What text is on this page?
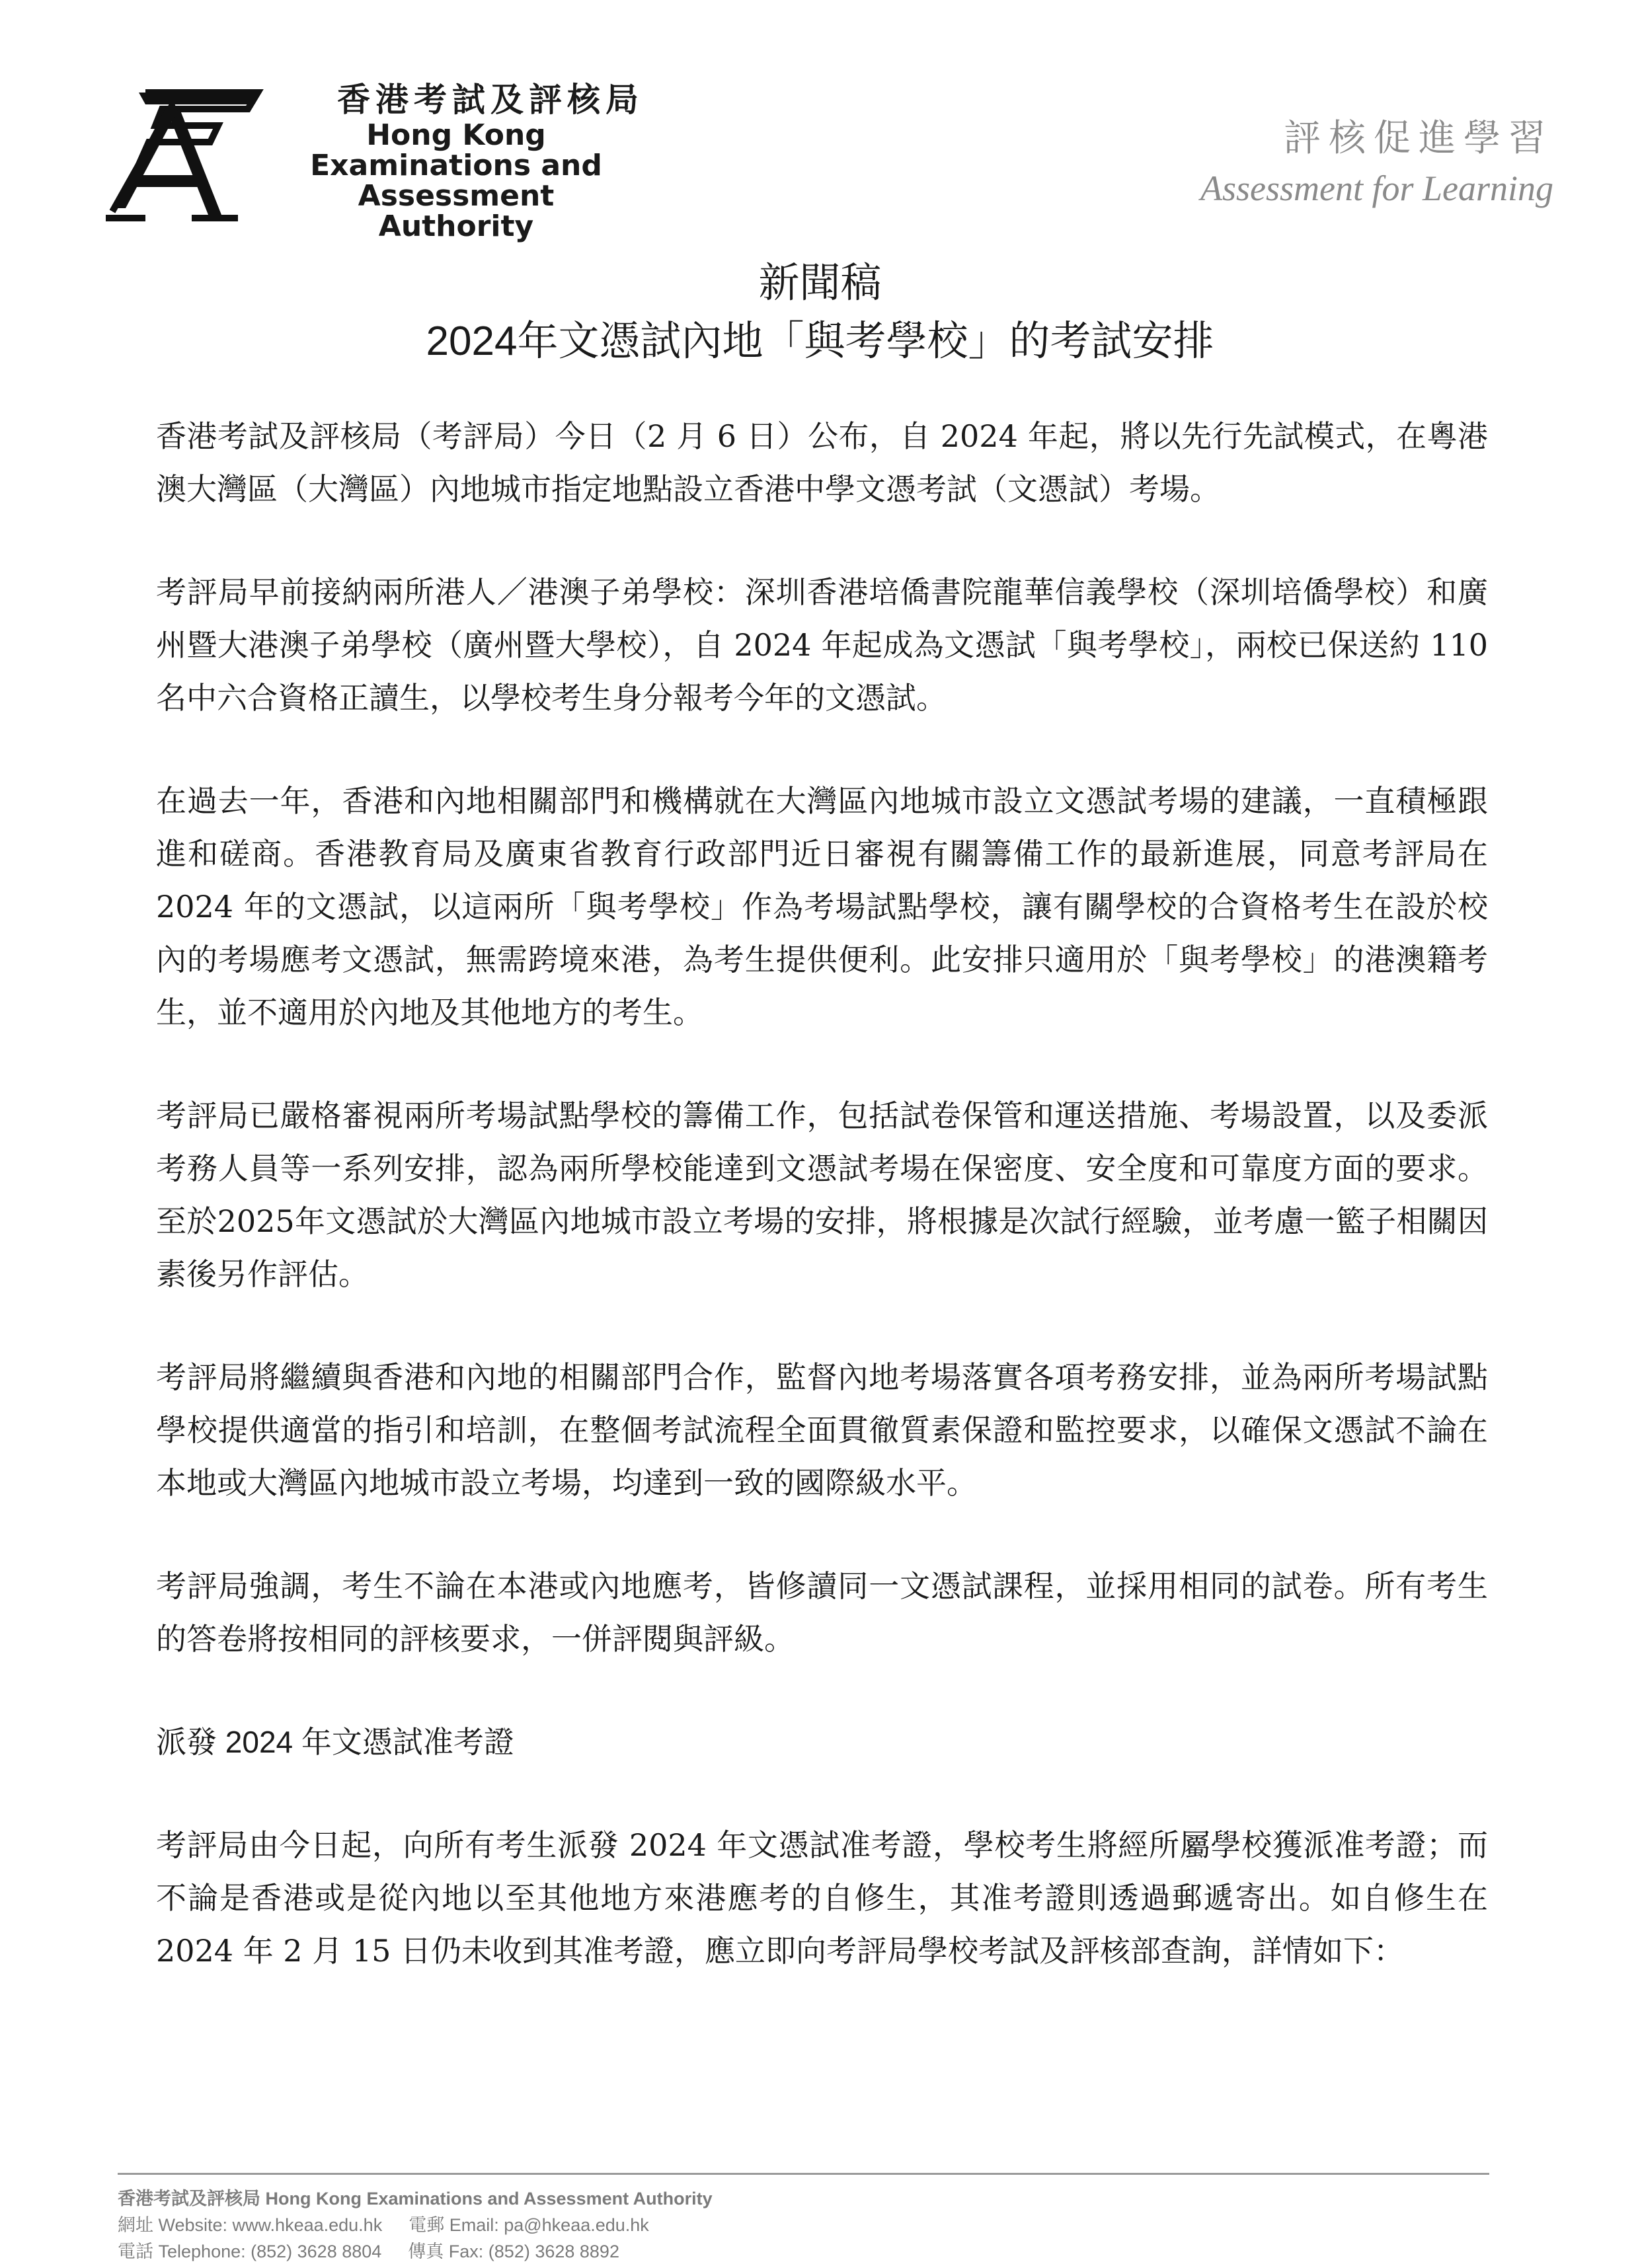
香港考試及評核局
Hong Kong
Examinations and
Assessment Authority
評核促進學習
Assessment for Learning
新聞稿
2024年文憑試內地「與考學校」的考試安排

香港考試及評核局（考評局）今日（2 月 6 日）公布，自 2024 年起，將以先行先試模式，在粵港澳大灣區（大灣區）內地城市指定地點設立香港中學文憑考試（文憑試）考場。

考評局早前接納兩所港人／港澳子弟學校：深圳香港培僑書院龍華信義學校（深圳培僑學校）和廣州暨大港澳子弟學校（廣州暨大學校），自 2024 年起成為文憑試「與考學校」，兩校已保送約 110 名中六合資格正讀生，以學校考生身分報考今年的文憑試。

在過去一年，香港和內地相關部門和機構就在大灣區內地城市設立文憑試考場的建議，一直積極跟進和磋商。香港教育局及廣東省教育行政部門近日審視有關籌備工作的最新進展，同意考評局在 2024 年的文憑試，以這兩所「與考學校」作為考場試點學校，讓有關學校的合資格考生在設於校內的考場應考文憑試，無需跨境來港，為考生提供便利。此安排只適用於「與考學校」的港澳籍考生，並不適用於內地及其他地方的考生。

考評局已嚴格審視兩所考場試點學校的籌備工作，包括試卷保管和運送措施、考場設置，以及委派考務人員等一系列安排，認為兩所學校能達到文憑試考場在保密度、安全度和可靠度方面的要求。至於2025年文憑試於大灣區內地城市設立考場的安排，將根據是次試行經驗，並考慮一籃子相關因素後另作評估。

考評局將繼續與香港和內地的相關部門合作，監督內地考場落實各項考務安排，並為兩所考場試點學校提供適當的指引和培訓，在整個考試流程全面貫徹質素保證和監控要求，以確保文憑試不論在本地或大灣區內地城市設立考場，均達到一致的國際級水平。

考評局強調，考生不論在本港或內地應考，皆修讀同一文憑試課程，並採用相同的試卷。所有考生的答卷將按相同的評核要求，一併評閱與評級。

派發 2024 年文憑試准考證

考評局由今日起，向所有考生派發 2024 年文憑試准考證，學校考生將經所屬學校獲派准考證；而不論是香港或是從內地以至其他地方來港應考的自修生，其准考證則透過郵遞寄出。如自修生在 2024 年 2 月 15 日仍未收到其准考證，應立即向考評局學校考試及評核部查詢，詳情如下：

香港考試及評核局 Hong Kong Examinations and Assessment Authority
網址 Website: www.hkeaa.edu.hk 電郵 Email: pa@hkeaa.edu.hk
電話 Telephone: (852) 3628 8804 傳真 Fax: (852) 3628 8892
